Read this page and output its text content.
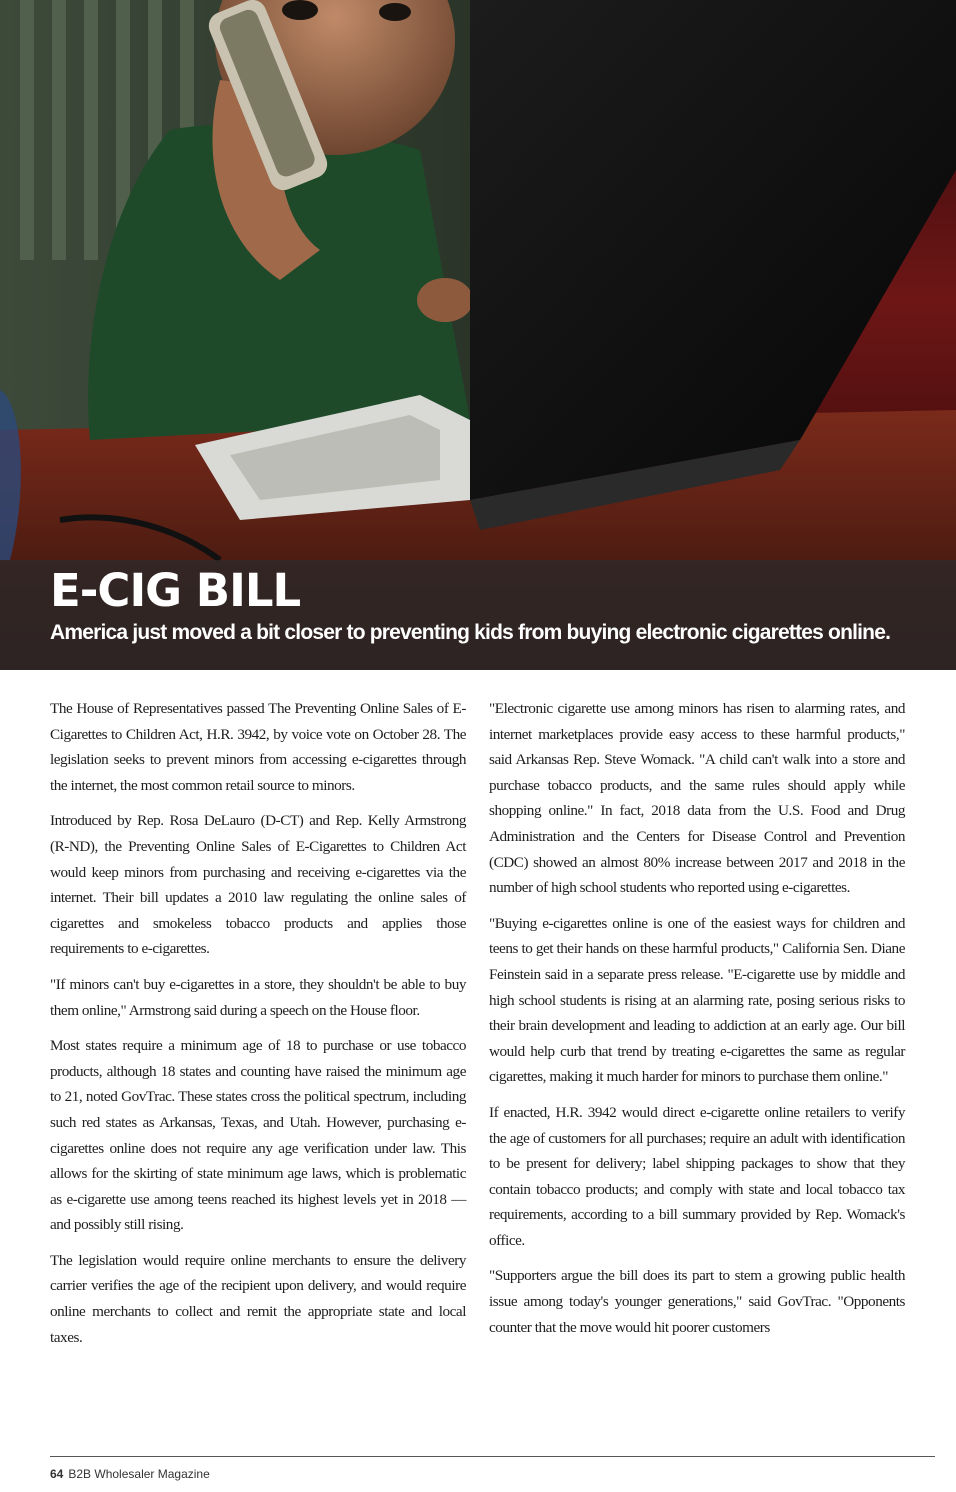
E-CIG BILL

America just moved a bit closer to preventing kids from buying electronic cigarettes online.

The House of Representatives passed The Preventing Online Sales of E-Cigarettes to Children Act, H.R. 3942, by voice vote on October 28. The legislation seeks to prevent minors from accessing e-cigarettes through the internet, the most common retail source to minors.

Introduced by Rep. Rosa DeLauro (D-CT) and Rep. Kelly Armstrong (R-ND), the Preventing Online Sales of E-Cigarettes to Children Act would keep minors from purchasing and receiving e-cigarettes via the internet. Their bill updates a 2010 law regulating the online sales of cigarettes and smokeless tobacco products and applies those requirements to e-cigarettes.

"If minors can't buy e-cigarettes in a store, they shouldn't be able to buy them online," Armstrong said during a speech on the House floor.

Most states require a minimum age of 18 to purchase or use tobacco products, although 18 states and counting have raised the minimum age to 21, noted GovTrac. These states cross the political spectrum, including such red states as Arkansas, Texas, and Utah. However, purchasing e-cigarettes online does not require any age verification under law. This allows for the skirting of state minimum age laws, which is problematic as e-cigarette use among teens reached its highest levels yet in 2018 — and possibly still rising.

The legislation would require online merchants to ensure the delivery carrier verifies the age of the recipient upon delivery, and would require online merchants to collect and remit the appropriate state and local taxes.

"Electronic cigarette use among minors has risen to alarming rates, and internet marketplaces provide easy access to these harmful products," said Arkansas Rep. Steve Womack. "A child can't walk into a store and purchase tobacco products, and the same rules should apply while shopping online." In fact, 2018 data from the U.S. Food and Drug Administration and the Centers for Disease Control and Prevention (CDC) showed an almost 80% increase between 2017 and 2018 in the number of high school students who reported using e-cigarettes.

"Buying e-cigarettes online is one of the easiest ways for children and teens to get their hands on these harmful products," California Sen. Diane Feinstein said in a separate press release. "E-cigarette use by middle and high school students is rising at an alarming rate, posing serious risks to their brain development and leading to addiction at an early age. Our bill would help curb that trend by treating e-cigarettes the same as regular cigarettes, making it much harder for minors to purchase them online."

If enacted, H.R. 3942 would direct e-cigarette online retailers to verify the age of customers for all purchases; require an adult with identification to be present for delivery; label shipping packages to show that they contain tobacco products; and comply with state and local tobacco tax requirements, according to a bill summary provided by Rep. Womack's office.

"Supporters argue the bill does its part to stem a growing public health issue among today's younger generations," said GovTrac. "Opponents counter that the move would hit poorer customers

64 B2B Wholesaler Magazine
